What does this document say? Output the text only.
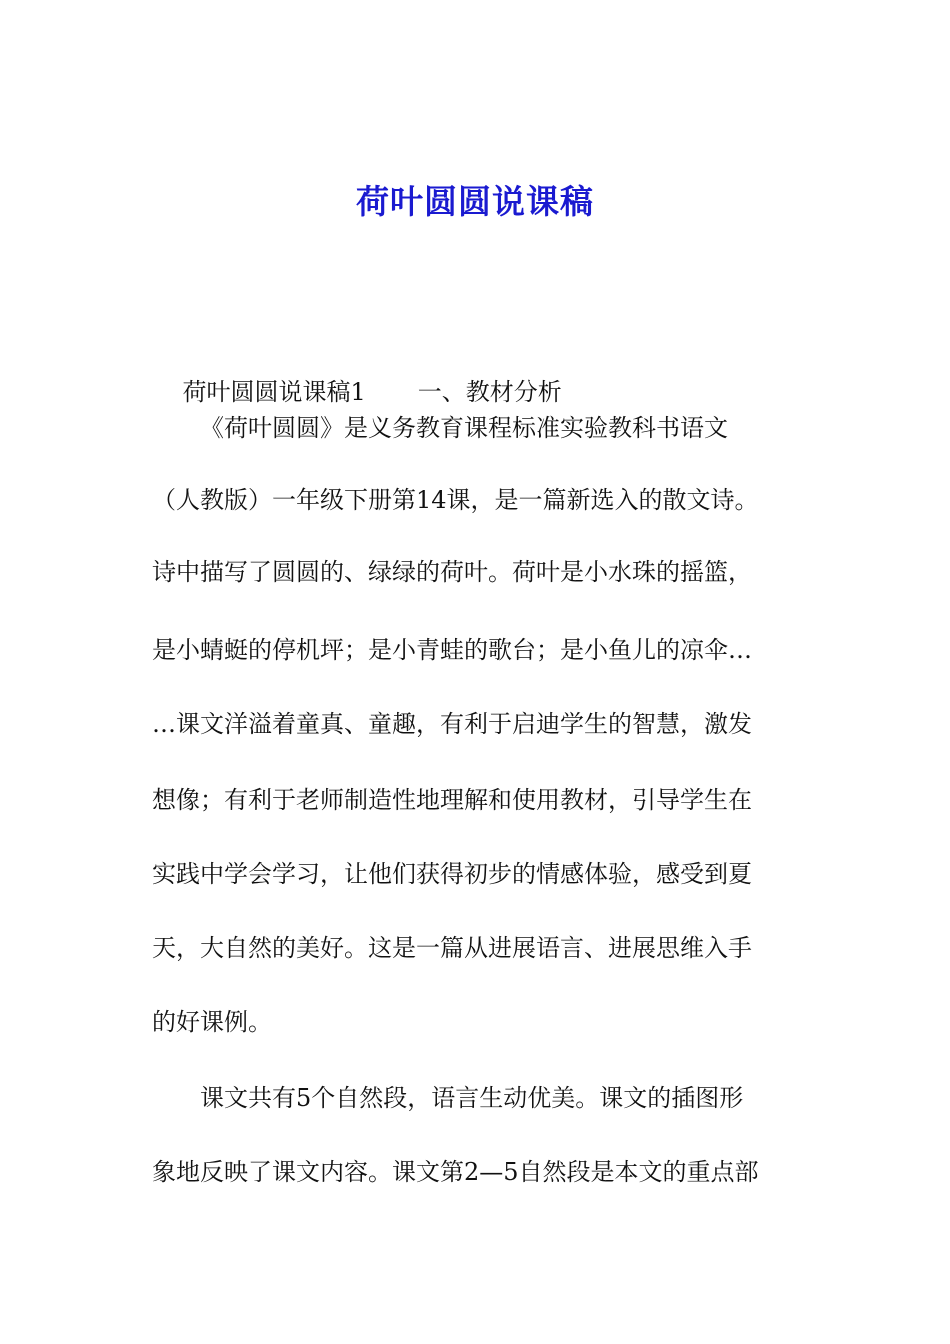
荷叶圆圆说课稿

荷叶圆圆说课稿1 一、教材分析

《荷叶圆圆》是义务教育课程标准实验教科书语文
（人教版）一年级下册第14课，是一篇新选入的散文诗。
诗中描写了圆圆的、绿绿的荷叶。荷叶是小水珠的摇篮，
是小蜻蜓的停机坪；是小青蛙的歌台；是小鱼儿的凉伞…
…课文洋溢着童真、童趣，有利于启迪学生的智慧，激发
想像；有利于老师制造性地理解和使用教材，引导学生在
实践中学会学习，让他们获得初步的情感体验，感受到夏
天，大自然的美好。这是一篇从进展语言、进展思维入手
的好课例。
课文共有5个自然段，语言生动优美。课文的插图形
象地反映了课文内容。课文第2—5自然段是本文的重点部
